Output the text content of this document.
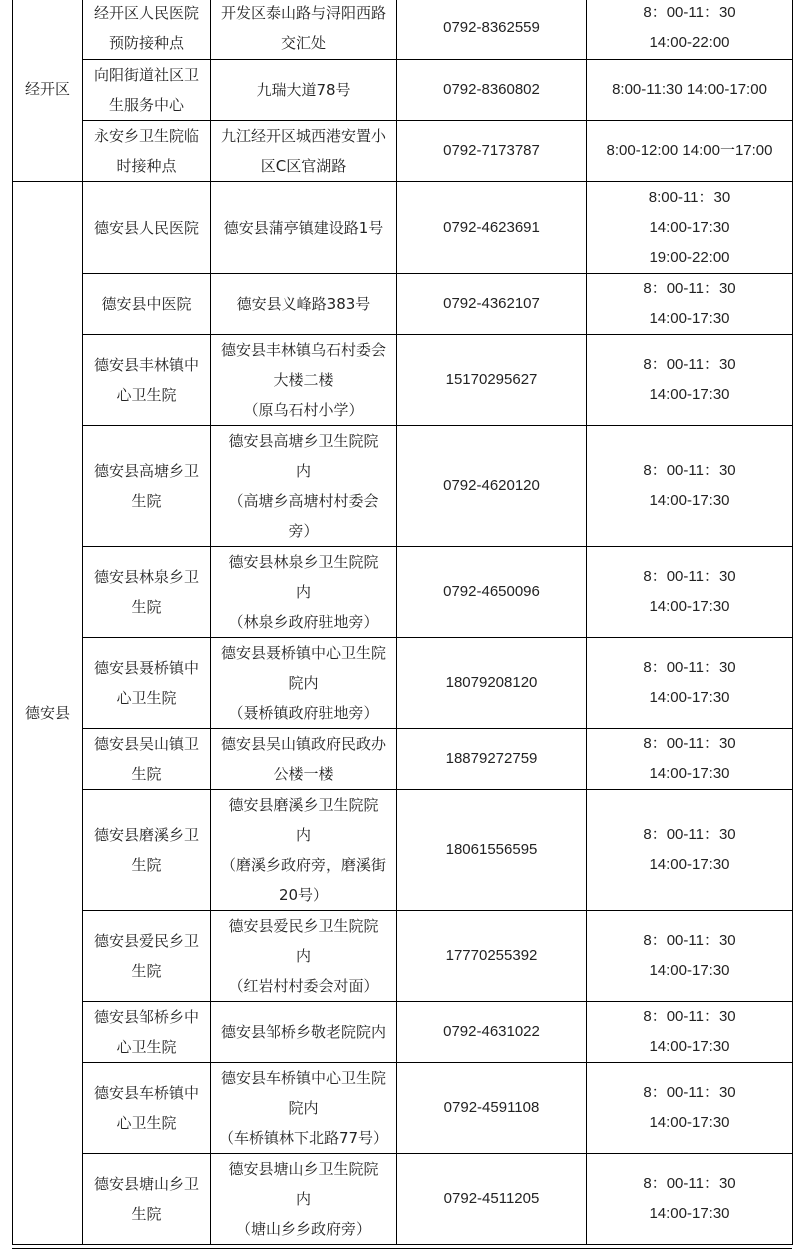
经开区	经开区人民医院
预防接种点	开发区泰山路与浔阳西路
交汇处	0792-8362559	8：00-11：30
14:00-22:00

	向阳街道社区卫
生服务中心	九瑞大道78号	0792-8360802	8:00-11:30 14:00-17:00

	永安乡卫生院临
时接种点	九江经开区城西港安置小
区C区官湖路	0792-7173787	8:00-12:00 14:00一17:00

德安县	德安县人民医院	德安县蒲亭镇建设路1号	0792-4623691	8:00-11：30
14:00-17:30
19:00-22:00

	德安县中医院	德安县义峰路383号	0792-4362107	8：00-11：30
14:00-17:30

	德安县丰林镇中
心卫生院	德安县丰林镇乌石村委会
大楼二楼
（原乌石村小学）	15170295627	8：00-11：30
14:00-17:30

	德安县高塘乡卫
生院	德安县高塘乡卫生院院
内
（高塘乡高塘村村委会
旁）	0792-4620120	8：00-11：30
14:00-17:30

	德安县林泉乡卫
生院	德安县林泉乡卫生院院
内
（林泉乡政府驻地旁）	0792-4650096	8：00-11：30
14:00-17:30

	德安县聂桥镇中
心卫生院	德安县聂桥镇中心卫生院
院内
（聂桥镇政府驻地旁）	18079208120	8：00-11：30
14:00-17:30

	德安县吴山镇卫
生院	德安县吴山镇政府民政办
公楼一楼	18879272759	8：00-11：30
14:00-17:30

	德安县磨溪乡卫
生院	德安县磨溪乡卫生院院
内
（磨溪乡政府旁，磨溪街
20号）	18061556595	8：00-11：30
14:00-17:30

	德安县爱民乡卫
生院	德安县爱民乡卫生院院
内
（红岩村村委会对面）	17770255392	8：00-11：30
14:00-17:30

	德安县邹桥乡中
心卫生院	德安县邹桥乡敬老院院内	0792-4631022	8：00-11：30
14:00-17:30

	德安县车桥镇中
心卫生院	德安县车桥镇中心卫生院
院内
（车桥镇林下北路77号）	0792-4591108	8：00-11：30
14:00-17:30

	德安县塘山乡卫
生院	德安县塘山乡卫生院院
内
（塘山乡乡政府旁）	0792-4511205	8：00-11：30
14:00-17:30
